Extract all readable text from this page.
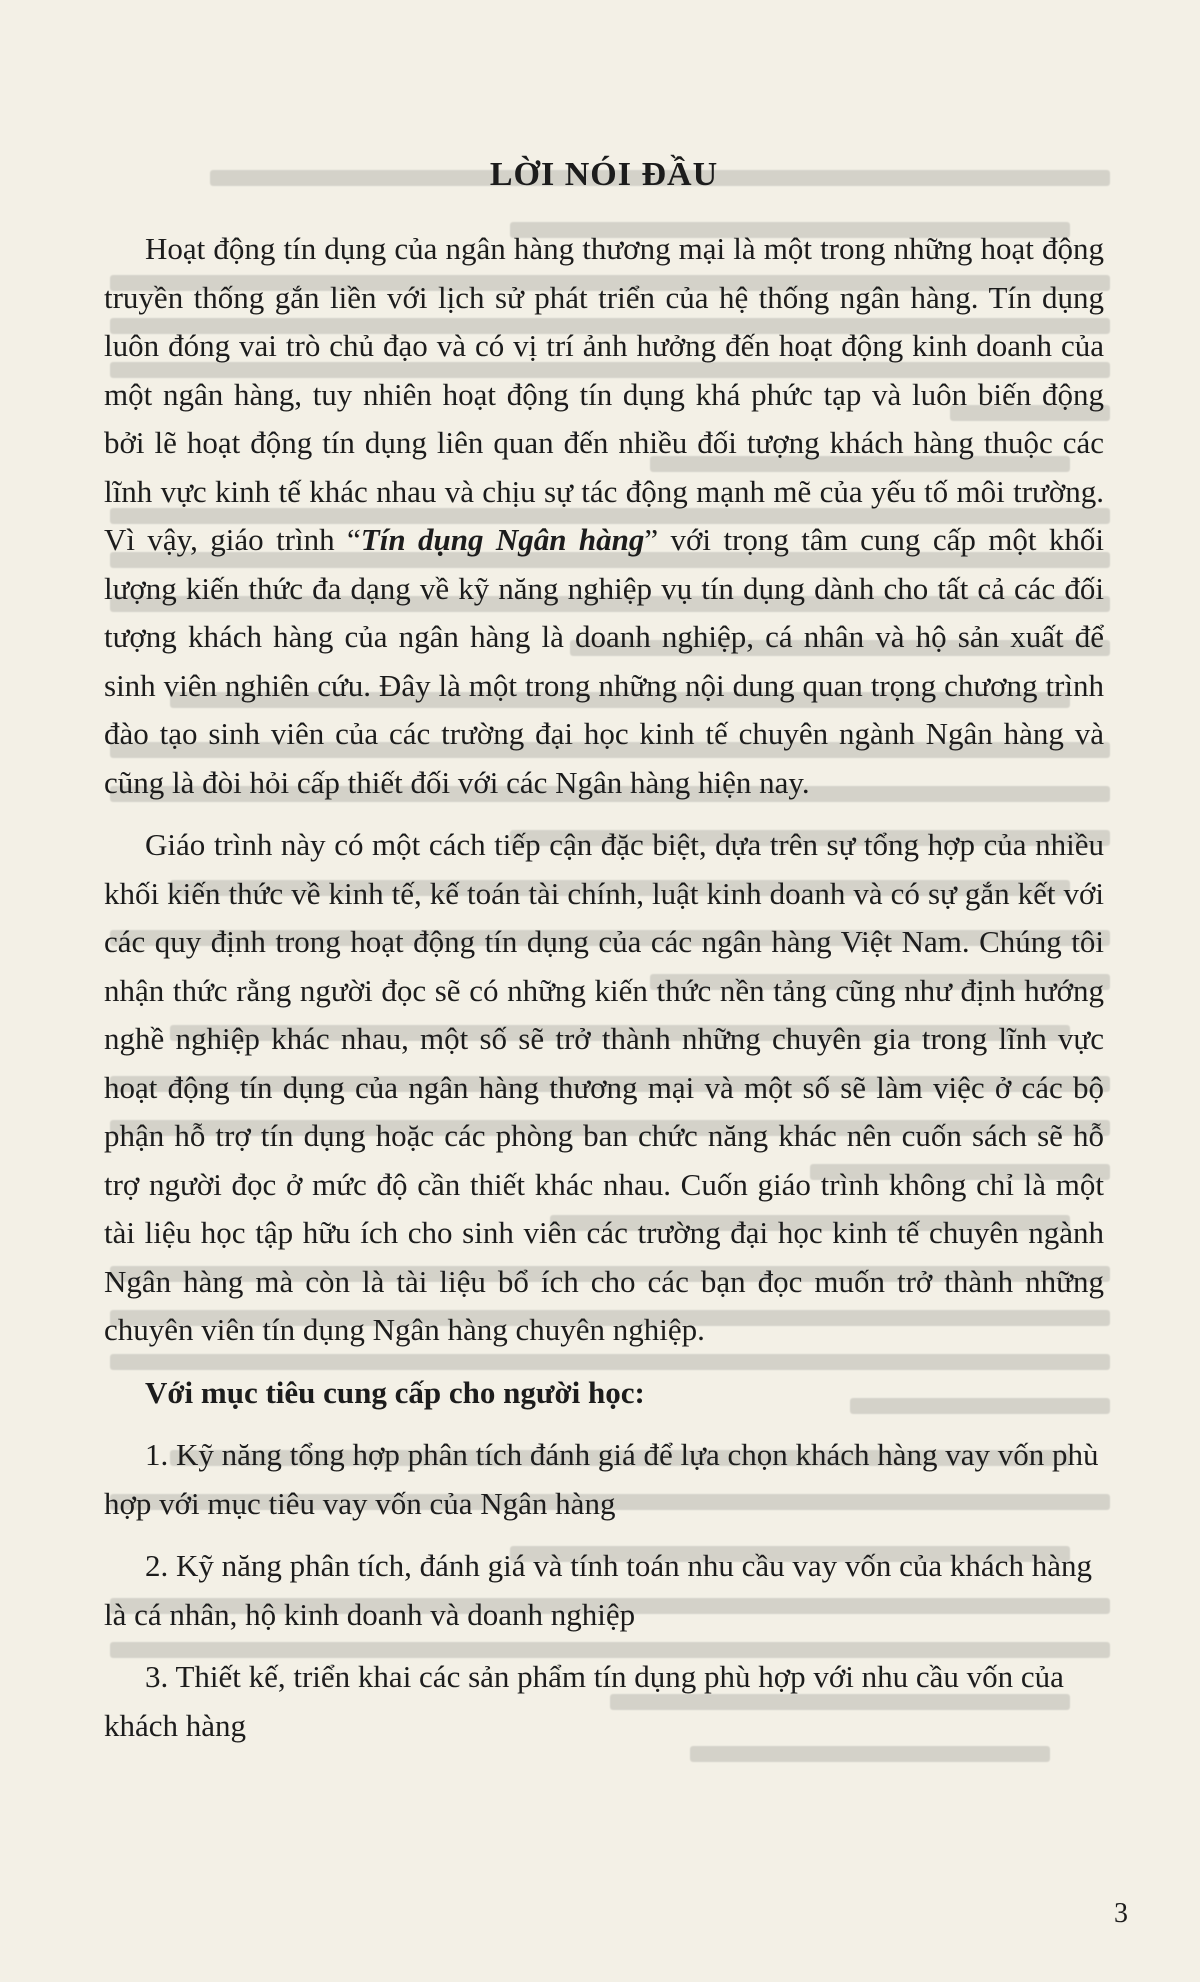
LỜI NÓI ĐẦU

Hoạt động tín dụng của ngân hàng thương mại là một trong những hoạt động truyền thống gắn liền với lịch sử phát triển của hệ thống ngân hàng. Tín dụng luôn đóng vai trò chủ đạo và có vị trí ảnh hưởng đến hoạt động kinh doanh của một ngân hàng, tuy nhiên hoạt động tín dụng khá phức tạp và luôn biến động bởi lẽ hoạt động tín dụng liên quan đến nhiều đối tượng khách hàng thuộc các lĩnh vực kinh tế khác nhau và chịu sự tác động mạnh mẽ của yếu tố môi trường. Vì vậy, giáo trình “Tín dụng Ngân hàng” với trọng tâm cung cấp một khối lượng kiến thức đa dạng về kỹ năng nghiệp vụ tín dụng dành cho tất cả các đối tượng khách hàng của ngân hàng là doanh nghiệp, cá nhân và hộ sản xuất để sinh viên nghiên cứu. Đây là một trong những nội dung quan trọng chương trình đào tạo sinh viên của các trường đại học kinh tế chuyên ngành Ngân hàng và cũng là đòi hỏi cấp thiết đối với các Ngân hàng hiện nay.

Giáo trình này có một cách tiếp cận đặc biệt, dựa trên sự tổng hợp của nhiều khối kiến thức về kinh tế, kế toán tài chính, luật kinh doanh và có sự gắn kết với các quy định trong hoạt động tín dụng của các ngân hàng Việt Nam. Chúng tôi nhận thức rằng người đọc sẽ có những kiến thức nền tảng cũng như định hướng nghề nghiệp khác nhau, một số sẽ trở thành những chuyên gia trong lĩnh vực hoạt động tín dụng của ngân hàng thương mại và một số sẽ làm việc ở các bộ phận hỗ trợ tín dụng hoặc các phòng ban chức năng khác nên cuốn sách sẽ hỗ trợ người đọc ở mức độ cần thiết khác nhau. Cuốn giáo trình không chỉ là một tài liệu học tập hữu ích cho sinh viên các trường đại học kinh tế chuyên ngành Ngân hàng mà còn là tài liệu bổ ích cho các bạn đọc muốn trở thành những chuyên viên tín dụng Ngân hàng chuyên nghiệp.

Với mục tiêu cung cấp cho người học:

1. Kỹ năng tổng hợp phân tích đánh giá để lựa chọn khách hàng vay vốn phù hợp với mục tiêu vay vốn của Ngân hàng

2. Kỹ năng phân tích, đánh giá và tính toán nhu cầu vay vốn của khách hàng là cá nhân, hộ kinh doanh và doanh nghiệp

3. Thiết kế, triển khai các sản phẩm tín dụng phù hợp với nhu cầu vốn của khách hàng

3
